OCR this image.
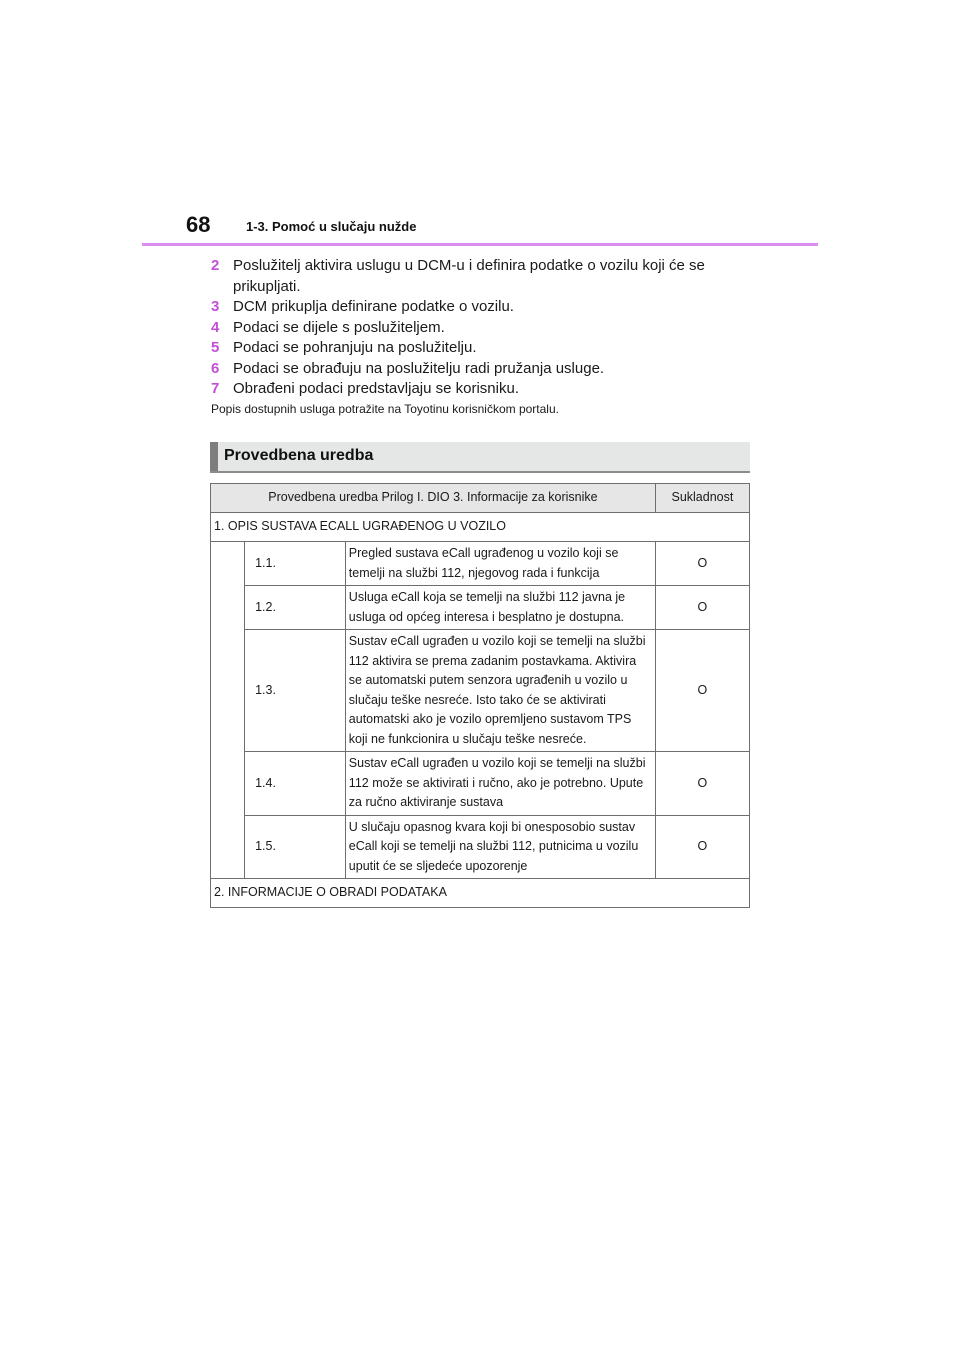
68	1-3. Pomoć u slučaju nužde
2 Poslužitelj aktivira uslugu u DCM-u i definira podatke o vozilu koji će se prikupljati.
3 DCM prikuplja definirane podatke o vozilu.
4 Podaci se dijele s poslužiteljem.
5 Podaci se pohranjuju na poslužitelju.
6 Podaci se obrađuju na poslužitelju radi pružanja usluge.
7 Obrađeni podaci predstavljaju se korisniku.
Popis dostupnih usluga potražite na Toyotinu korisničkom portalu.
Provedbena uredba
Provedbena uredba Prilog I. DIO 3. Informacije za korisnike			Sukladnost
1. OPIS SUSTAVA ECALL UGRAĐENOG U VOZILO			
	1.1.	Pregled sustava eCall ugrađenog u vozilo koji se temelji na službi 112, njegovog rada i funkcija	O
	1.2.	Usluga eCall koja se temelji na službi 112 javna je usluga od općeg interesa i besplatno je dostupna.	O
	1.3.	Sustav eCall ugrađen u vozilo koji se temelji na službi 112 aktivira se prema zadanim postavkama. Aktivira se automatski putem senzora ugrađenih u vozilo u slučaju teške nesreće. Isto tako će se aktivirati automatski ako je vozilo opremljeno sustavom TPS koji ne funkcionira u slučaju teške nesreće.	O
	1.4.	Sustav eCall ugrađen u vozilo koji se temelji na službi 112 može se aktivirati i ručno, ako je potrebno. Upute za ručno aktiviranje sustava	O
	1.5.	U slučaju opasnog kvara koji bi onesposobio sustav eCall koji se temelji na službi 112, putnicima u vozilu uputit će se sljedeće upozorenje	O
2. INFORMACIJE O OBRADI PODATAKA			
